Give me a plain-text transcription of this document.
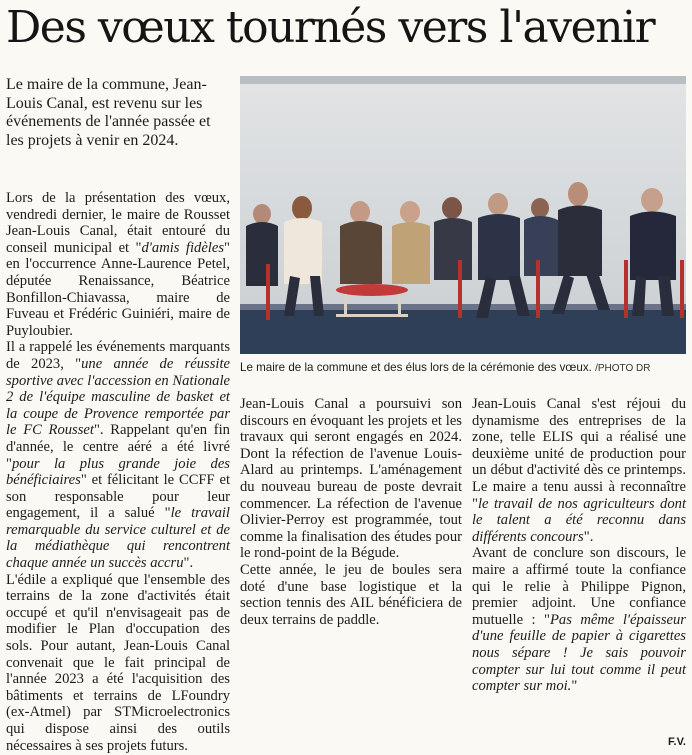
Des vœux tournés vers l'avenir
Le maire de la commune, Jean-Louis Canal, est revenu sur les événements de l'année passée et les projets à venir en 2024.
Le maire de la commune et des élus lors de la cérémonie des vœux. /PHOTO DR

Lors de la présentation des vœux, vendredi dernier, le maire de Rousset Jean-Louis Canal, était entouré du conseil municipal et "d'amis fidèles" en l'occurrence Anne-Laurence Petel, députée Renaissance, Béatrice Bonfillon-Chiavassa, maire de Fuveau et Frédéric Guiniéri, maire de Puyloubier.

Il a rappelé les événements marquants de 2023, "une année de réussite sportive avec l'accession en Nationale 2 de l'équipe masculine de basket et la coupe de Provence remportée par le FC Rousset". Rappelant qu'en fin d'année, le centre aéré a été livré "pour la plus grande joie des bénéficiaires" et félicitant le CCFF et son responsable pour leur engagement, il a salué "le travail remarquable du service culturel et de la médiathèque qui rencontrent chaque année un succès accru".

L'édile a expliqué que l'ensemble des terrains de la zone d'activités était occupé et qu'il n'envisageait pas de modifier le Plan d'occupation des sols. Pour autant, Jean-Louis Canal convenait que le fait principal de l'année 2023 a été l'acquisition des bâtiments et terrains de LFoundry (ex-Atmel) par STMicroelectronics qui dispose ainsi des outils nécessaires à ses projets futurs.

Jean-Louis Canal a poursuivi son discours en évoquant les projets et les travaux qui seront engagés en 2024. Dont la réfection de l'avenue Louis-Alard au printemps. L'aménagement du nouveau bureau de poste devrait commencer. La réfection de l'avenue Olivier-Perroy est programmée, tout comme la finalisation des études pour le rond-point de la Bégude.

Cette année, le jeu de boules sera doté d'une base logistique et la section tennis des AIL bénéficiera de deux terrains de paddle.

Jean-Louis Canal s'est réjoui du dynamisme des entreprises de la zone, telle ELIS qui a réalisé une deuxième unité de production pour un début d'activité dès ce printemps. Le maire a tenu aussi à reconnaître "le travail de nos agriculteurs dont le talent a été reconnu dans différents concours".

Avant de conclure son discours, le maire a affirmé toute la confiance qui le relie à Philippe Pignon, premier adjoint. Une confiance mutuelle : "Pas même l'épaisseur d'une feuille de papier à cigarettes nous sépare ! Je sais pouvoir compter sur lui tout comme il peut compter sur moi."

F.V.
